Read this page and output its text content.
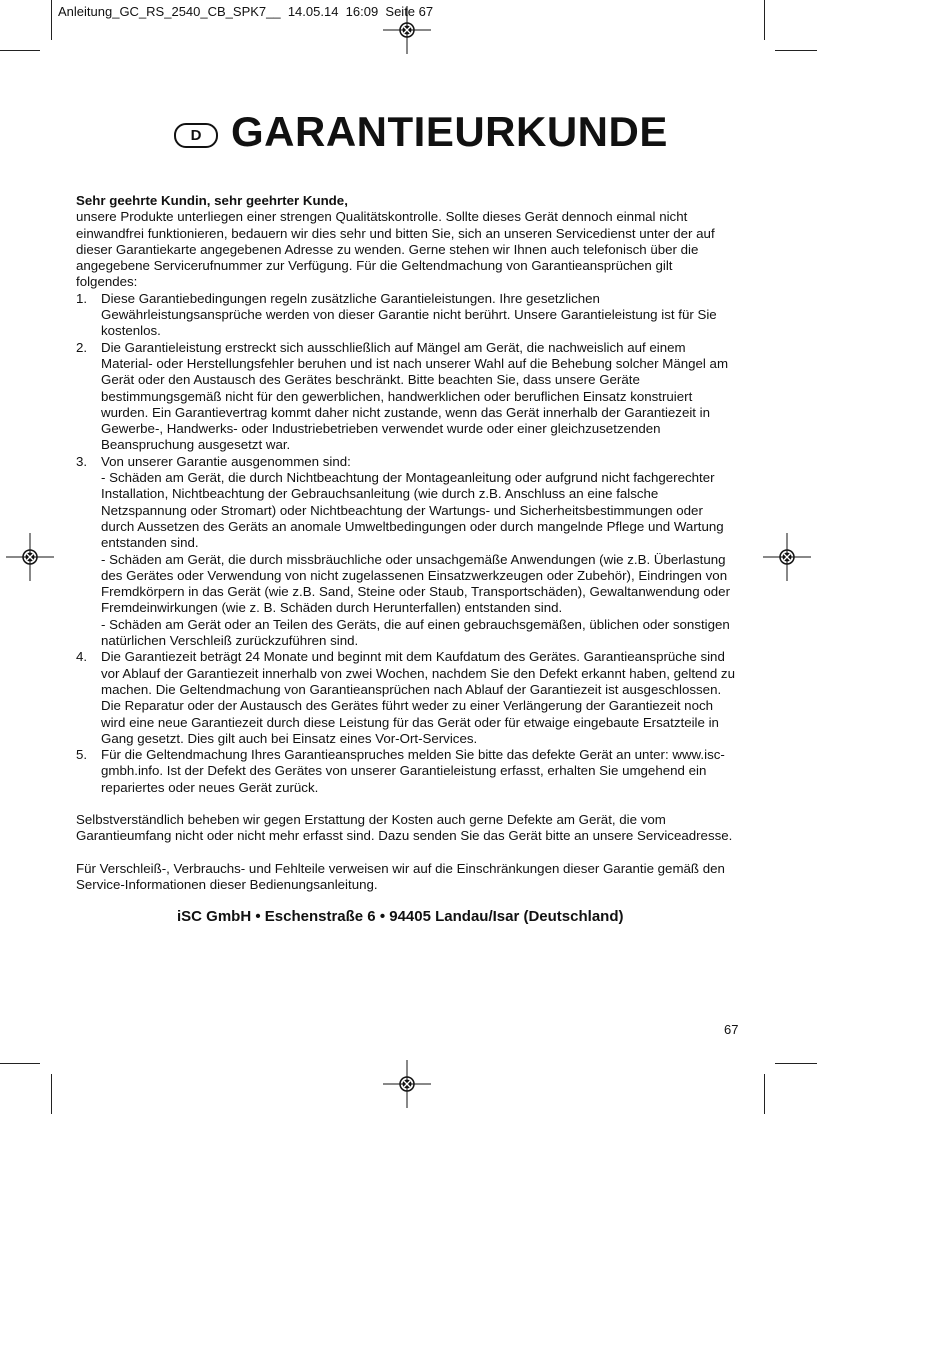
Anleitung_GC_RS_2540_CB_SPK7__  14.05.14  16:09  Seite 67
D GARANTIEURKUNDE
Sehr geehrte Kundin, sehr geehrter Kunde,
unsere Produkte unterliegen einer strengen Qualitätskontrolle. Sollte dieses Gerät dennoch einmal nicht einwandfrei funktionieren, bedauern wir dies sehr und bitten Sie, sich an unseren Servicedienst unter der auf dieser Garantiekarte angegebenen Adresse zu wenden. Gerne stehen wir Ihnen auch telefonisch über die angegebene Servicerufnummer zur Verfügung. Für die Geltendmachung von Garantieansprüchen gilt folgendes:
1. Diese Garantiebedingungen regeln zusätzliche Garantieleistungen. Ihre gesetzlichen Gewährleistungsansprüche werden von dieser Garantie nicht berührt. Unsere Garantieleistung ist für Sie kostenlos.
2. Die Garantieleistung erstreckt sich ausschließlich auf Mängel am Gerät, die nachweislich auf einem Material- oder Herstellungsfehler beruhen und ist nach unserer Wahl auf die Behebung solcher Mängel am Gerät oder den Austausch des Gerätes beschränkt. Bitte beachten Sie, dass unsere Geräte bestimmungsgemäß nicht für den gewerblichen, handwerklichen oder beruflichen Einsatz konstruiert wurden. Ein Garantievertrag kommt daher nicht zustande, wenn das Gerät innerhalb der Garantiezeit in Gewerbe-, Handwerks- oder Industriebetrieben verwendet wurde oder einer gleichzusetzenden Beanspruchung ausgesetzt war.
3. Von unserer Garantie ausgenommen sind:
- Schäden am Gerät, die durch Nichtbeachtung der Montageanleitung oder aufgrund nicht fachgerechter Installation, Nichtbeachtung der Gebrauchsanleitung (wie durch z.B. Anschluss an eine falsche Netzspannung oder Stromart) oder Nichtbeachtung der Wartungs- und Sicherheitsbestimmungen oder durch Aussetzen des Geräts an anomale Umweltbedingungen oder durch mangelnde Pflege und Wartung entstanden sind.
- Schäden am Gerät, die durch missbräuchliche oder unsachgemäße Anwendungen (wie z.B. Überlastung des Gerätes oder Verwendung von nicht zugelassenen Einsatzwerkzeugen oder Zubehör), Eindringen von Fremdkörpern in das Gerät (wie z.B. Sand, Steine oder Staub, Transportschäden), Gewaltanwendung oder Fremdeinwirkungen (wie z. B. Schäden durch Herunterfallen) entstanden sind.
- Schäden am Gerät oder an Teilen des Geräts, die auf einen gebrauchsgemäßen, üblichen oder sonstigen natürlichen Verschleiß zurückzuführen sind.
4. Die Garantiezeit beträgt 24 Monate und beginnt mit dem Kaufdatum des Gerätes. Garantieansprüche sind vor Ablauf der Garantiezeit innerhalb von zwei Wochen, nachdem Sie den Defekt erkannt haben, geltend zu machen. Die Geltendmachung von Garantieansprüchen nach Ablauf der Garantiezeit ist ausgeschlossen. Die Reparatur oder der Austausch des Gerätes führt weder zu einer Verlängerung der Garantiezeit noch wird eine neue Garantiezeit durch diese Leistung für das Gerät oder für etwaige eingebaute Ersatzteile in Gang gesetzt. Dies gilt auch bei Einsatz eines Vor-Ort-Services.
5. Für die Geltendmachung Ihres Garantieanspruches melden Sie bitte das defekte Gerät an unter: www.isc-gmbh.info. Ist der Defekt des Gerätes von unserer Garantieleistung erfasst, erhalten Sie umgehend ein repariertes oder neues Gerät zurück.
Selbstverständlich beheben wir gegen Erstattung der Kosten auch gerne Defekte am Gerät, die vom Garantieumfang nicht oder nicht mehr erfasst sind. Dazu senden Sie das Gerät bitte an unsere Serviceadresse.
Für Verschleiß-, Verbrauchs- und Fehlteile verweisen wir auf die Einschränkungen dieser Garantie gemäß den Service-Informationen dieser Bedienungsanleitung.
iSC GmbH • Eschenstraße 6 • 94405 Landau/Isar (Deutschland)
67
